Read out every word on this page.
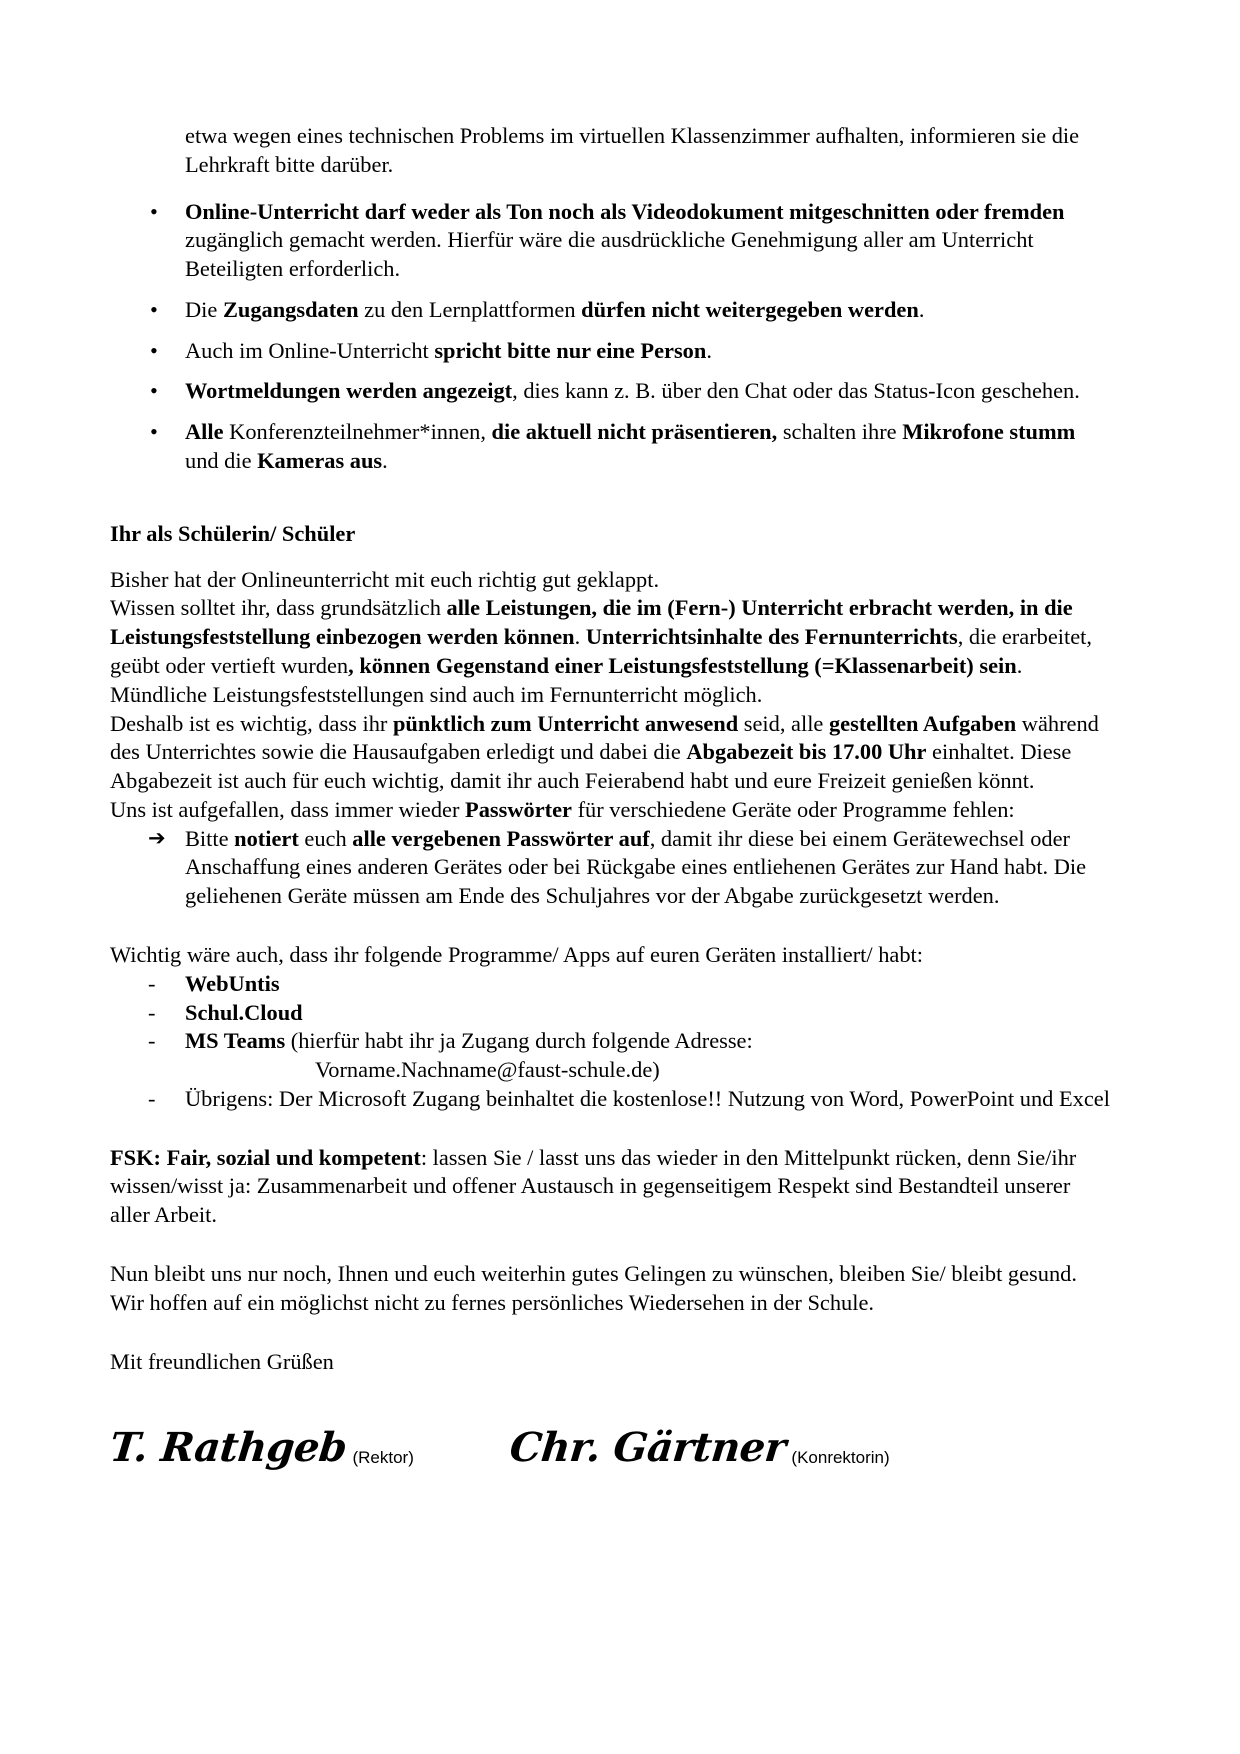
etwa wegen eines technischen Problems im virtuellen Klassenzimmer aufhalten, informieren sie die Lehrkraft bitte darüber.

• Online-Unterricht darf weder als Ton noch als Videodokument mitgeschnitten oder fremden zugänglich gemacht werden. Hierfür wäre die ausdrückliche Genehmigung aller am Unterricht Beteiligten erforderlich.
• Die Zugangsdaten zu den Lernplattformen dürfen nicht weitergegeben werden.
• Auch im Online-Unterricht spricht bitte nur eine Person.
• Wortmeldungen werden angezeigt, dies kann z. B. über den Chat oder das Status-Icon geschehen.
• Alle Konferenzteilnehmer*innen, die aktuell nicht präsentieren, schalten ihre Mikrofone stumm und die Kameras aus.
Ihr als Schülerin/ Schüler

Bisher hat der Onlineunterricht mit euch richtig gut geklappt.

Wissen solltet ihr, dass grundsätzlich alle Leistungen, die im (Fern-) Unterricht erbracht werden, in die Leistungsfeststellung einbezogen werden können. Unterrichtsinhalte des Fernunterrichts, die erarbeitet, geübt oder vertieft wurden, können Gegenstand einer Leistungsfeststellung (=Klassenarbeit) sein. Mündliche Leistungsfeststellungen sind auch im Fernunterricht möglich.

Deshalb ist es wichtig, dass ihr pünktlich zum Unterricht anwesend seid, alle gestellten Aufgaben während des Unterrichtes sowie die Hausaufgaben erledigt und dabei die Abgabezeit bis 17.00 Uhr einhaltet. Diese Abgabezeit ist auch für euch wichtig, damit ihr auch Feierabend habt und eure Freizeit genießen könnt.

Uns ist aufgefallen, dass immer wieder Passwörter für verschiedene Geräte oder Programme fehlen:

➔ Bitte notiert euch alle vergebenen Passwörter auf, damit ihr diese bei einem Gerätewechsel oder Anschaffung eines anderen Gerätes oder bei Rückgabe eines entliehenen Gerätes zur Hand habt. Die geliehenen Geräte müssen am Ende des Schuljahres vor der Abgabe zurückgesetzt werden.

Wichtig wäre auch, dass ihr folgende Programme/ Apps auf euren Geräten installiert/ habt:

- WebUntis
- Schul.Cloud
- MS Teams (hierfür habt ihr ja Zugang durch folgende Adresse:
Vorname.Nachname@faust-schule.de)
- Übrigens: Der Microsoft Zugang beinhaltet die kostenlose!! Nutzung von Word, PowerPoint und Excel

FSK: Fair, sozial und kompetent: lassen Sie / lasst uns das wieder in den Mittelpunkt rücken, denn Sie/ihr wissen/wisst ja: Zusammenarbeit und offener Austausch in gegenseitigem Respekt sind Bestandteil unserer aller Arbeit.

Nun bleibt uns nur noch, Ihnen und euch weiterhin gutes Gelingen zu wünschen, bleiben Sie/ bleibt gesund. Wir hoffen auf ein möglichst nicht zu fernes persönliches Wiedersehen in der Schule.

Mit freundlichen Grüßen

T. Rathgeb (Rektor) Chr. Gärtner (Konrektorin)
